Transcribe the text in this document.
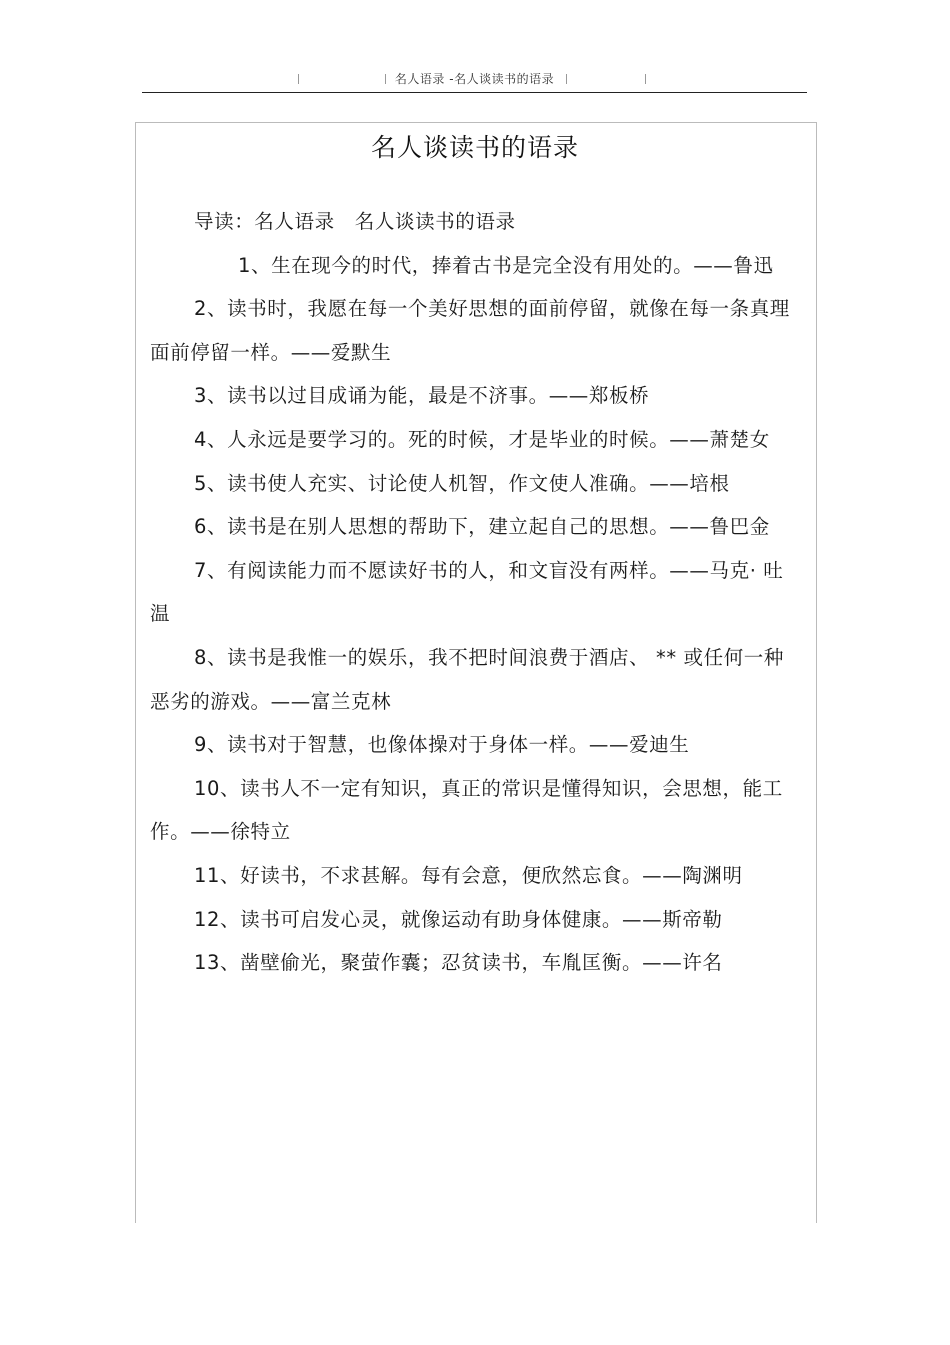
名人语录 -名人谈读书的语录
名人谈读书的语录

导读：名人语录　名人谈读书的语录

1、生在现今的时代，捧着古书是完全没有用处的。——鲁迅

2、读书时，我愿在每一个美好思想的面前停留，就像在每一条真理面前停留一样。——爱默生

3、读书以过目成诵为能，最是不济事。——郑板桥

4、人永远是要学习的。死的时候，才是毕业的时候。——萧楚女

5、读书使人充实、讨论使人机智，作文使人准确。——培根

6、读书是在别人思想的帮助下，建立起自己的思想。——鲁巴金

7、有阅读能力而不愿读好书的人，和文盲没有两样。——马克· 吐温

8、读书是我惟一的娱乐，我不把时间浪费于酒店、 ** 或任何一种恶劣的游戏。——富兰克林

9、读书对于智慧，也像体操对于身体一样。——爱迪生

10、读书人不一定有知识，真正的常识是懂得知识，会思想，能工作。——徐特立

11、好读书，不求甚解。每有会意，便欣然忘食。——陶渊明

12、读书可启发心灵，就像运动有助身体健康。——斯帝勒

13、凿壁偷光，聚萤作囊；忍贫读书，车胤匡衡。——许名
